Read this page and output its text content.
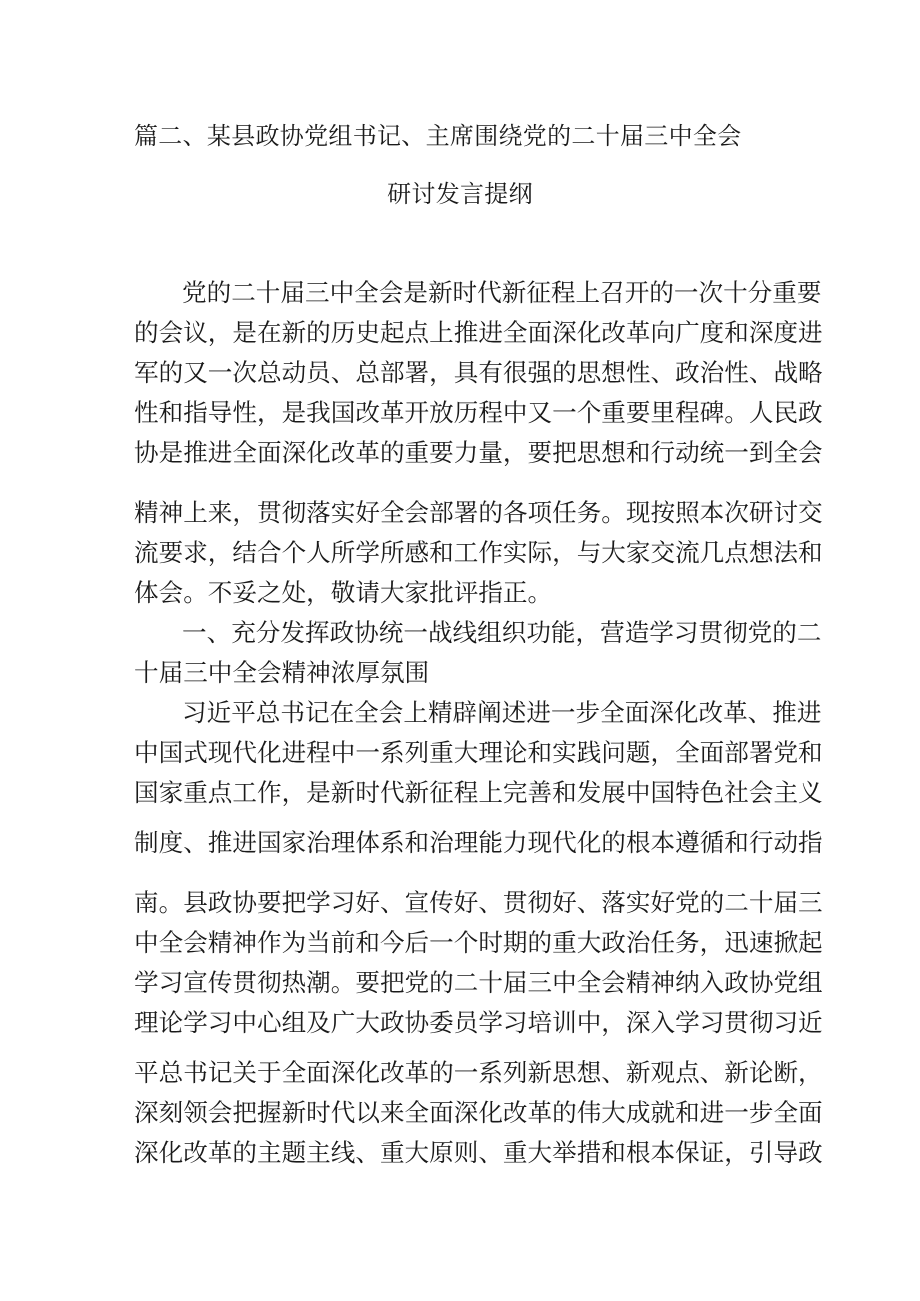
篇二、某县政协党组书记、主席围绕党的二十届三中全会
研讨发言提纲
党的二十届三中全会是新时代新征程上召开的一次十分重要
的会议，是在新的历史起点上推进全面深化改革向广度和深度进
军的又一次总动员、总部署，具有很强的思想性、政治性、战略
性和指导性，是我国改革开放历程中又一个重要里程碑。人民政
协是推进全面深化改革的重要力量，要把思想和行动统一到全会
精神上来，贯彻落实好全会部署的各项任务。现按照本次研讨交
流要求，结合个人所学所感和工作实际，与大家交流几点想法和
体会。不妥之处，敬请大家批评指正。
一、充分发挥政协统一战线组织功能，营造学习贯彻党的二
十届三中全会精神浓厚氛围
习近平总书记在全会上精辟阐述进一步全面深化改革、推进
中国式现代化进程中一系列重大理论和实践问题，全面部署党和
国家重点工作，是新时代新征程上完善和发展中国特色社会主义
制度、推进国家治理体系和治理能力现代化的根本遵循和行动指
南。县政协要把学习好、宣传好、贯彻好、落实好党的二十届三
中全会精神作为当前和今后一个时期的重大政治任务，迅速掀起
学习宣传贯彻热潮。要把党的二十届三中全会精神纳入政协党组
理论学习中心组及广大政协委员学习培训中，深入学习贯彻习近
平总书记关于全面深化改革的一系列新思想、新观点、新论断，
深刻领会把握新时代以来全面深化改革的伟大成就和进一步全面
深化改革的主题主线、重大原则、重大举措和根本保证，引导政
